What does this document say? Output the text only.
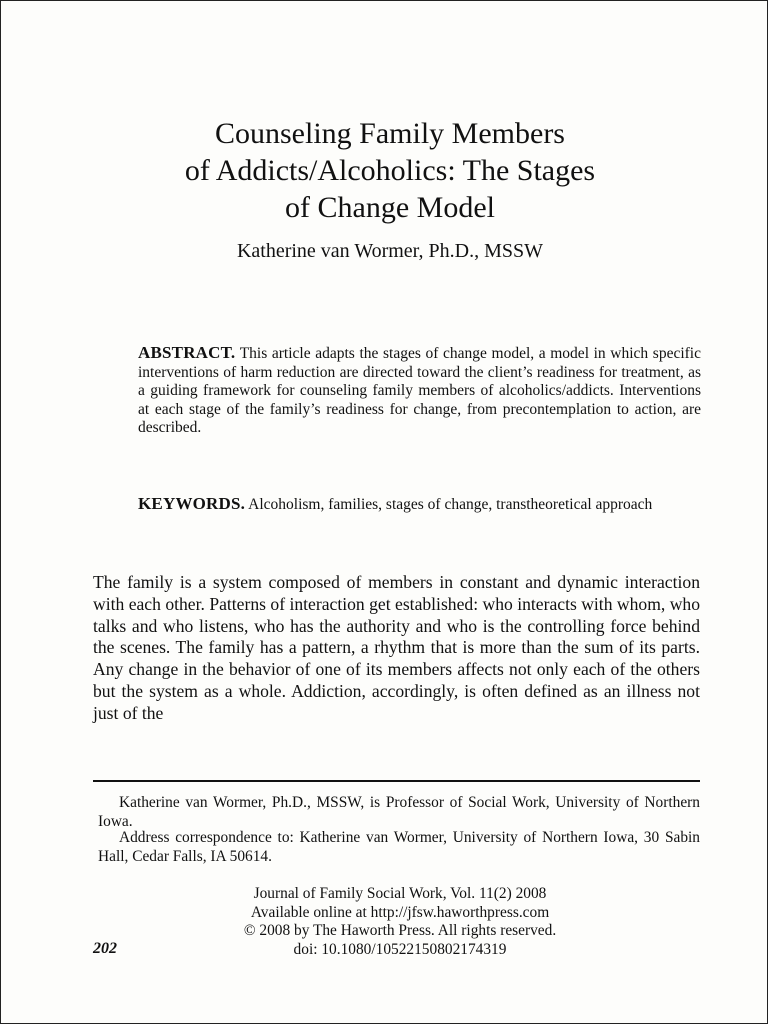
Counseling Family Members
of Addicts/Alcoholics: The Stages
of Change Model
Katherine van Wormer, Ph.D., MSSW
ABSTRACT. This article adapts the stages of change model, a model in which specific interventions of harm reduction are directed toward the client’s readiness for treatment, as a guiding framework for counseling family members of alcoholics/addicts. Interventions at each stage of the family’s readiness for change, from precontemplation to action, are described.
KEYWORDS. Alcoholism, families, stages of change, transtheoretical approach
The family is a system composed of members in constant and dynamic interaction with each other. Patterns of interaction get established: who interacts with whom, who talks and who listens, who has the authority and who is the controlling force behind the scenes. The family has a pattern, a rhythm that is more than the sum of its parts. Any change in the behavior of one of its members affects not only each of the others but the system as a whole. Addiction, accordingly, is often defined as an illness not just of the
Katherine van Wormer, Ph.D., MSSW, is Professor of Social Work, University of Northern Iowa.
Address correspondence to: Katherine van Wormer, University of Northern Iowa, 30 Sabin Hall, Cedar Falls, IA 50614.
Journal of Family Social Work, Vol. 11(2) 2008
Available online at http://jfsw.haworthpress.com
© 2008 by The Haworth Press. All rights reserved.
doi: 10.1080/10522150802174319
202
